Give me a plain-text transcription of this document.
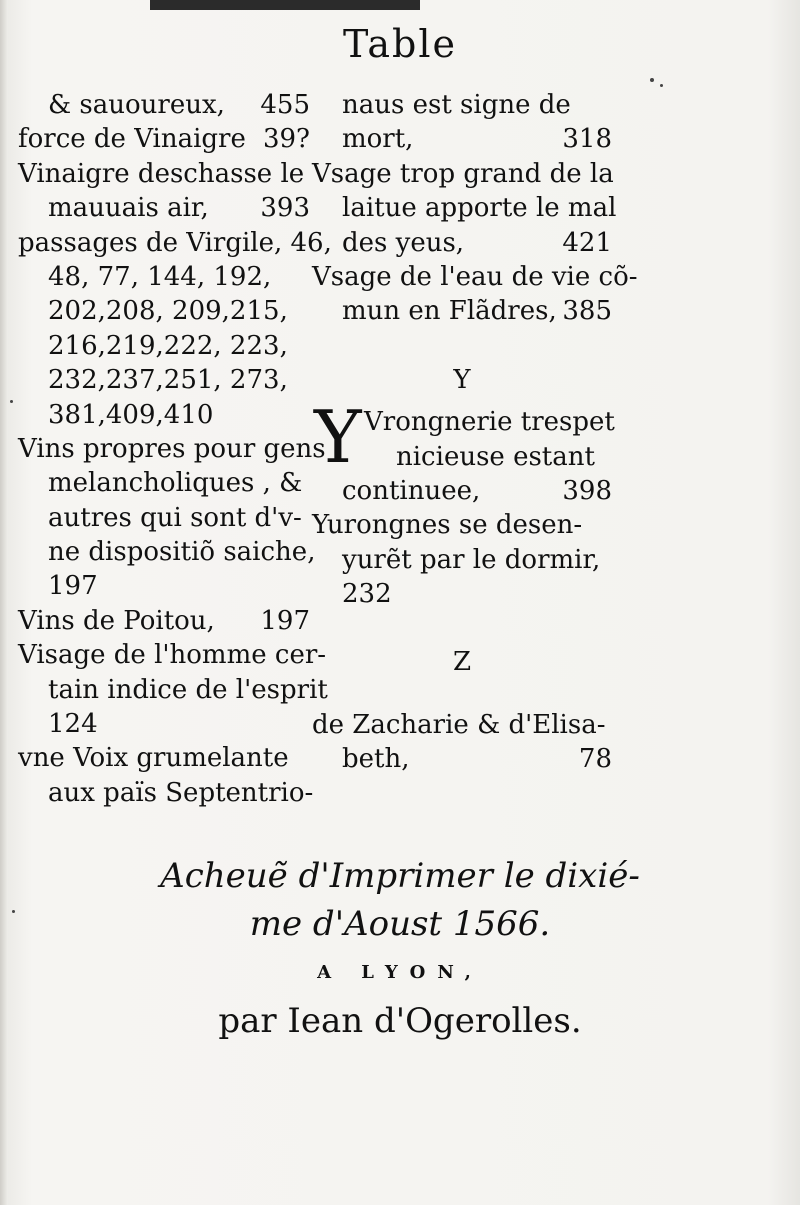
Table
& sauoureux, 455
force de Vinaigre 39?
Vinaigre deschasse le
mauuais air, 393
passages de Virgile, 46,
48, 77, 144, 192,
202,208, 209,215,
216,219,222, 223,
232,237,251, 273,
381,409,410
Vins propres pour gens
melancholiques , &
autres qui sont d'v-
ne dispositiõ saiche,
197
Vins de Poitou, 197
Visage de l'homme cer-
tain indice de l'esprit
124
vne Voix grumelante
aux païs Septentrio-
naus est signe de
mort,	318
Vsage trop grand de la
laitue apporte le mal
des yeus,	421
Vsage de l'eau de vie cõ-
mun en Flãdres, 385
Y
Y Vrongnerie trespet
nicieuse estant
continuee,	398
Yurongnes se desen-
yurẽt par le dormir,
232
Z
de Zacharie & d'Elisa-
beth,	78
Acheuẽ d'Imprimer le dixié-
me d'Aoust 1566.
A LYON,
par Iean d'Ogerolles.
